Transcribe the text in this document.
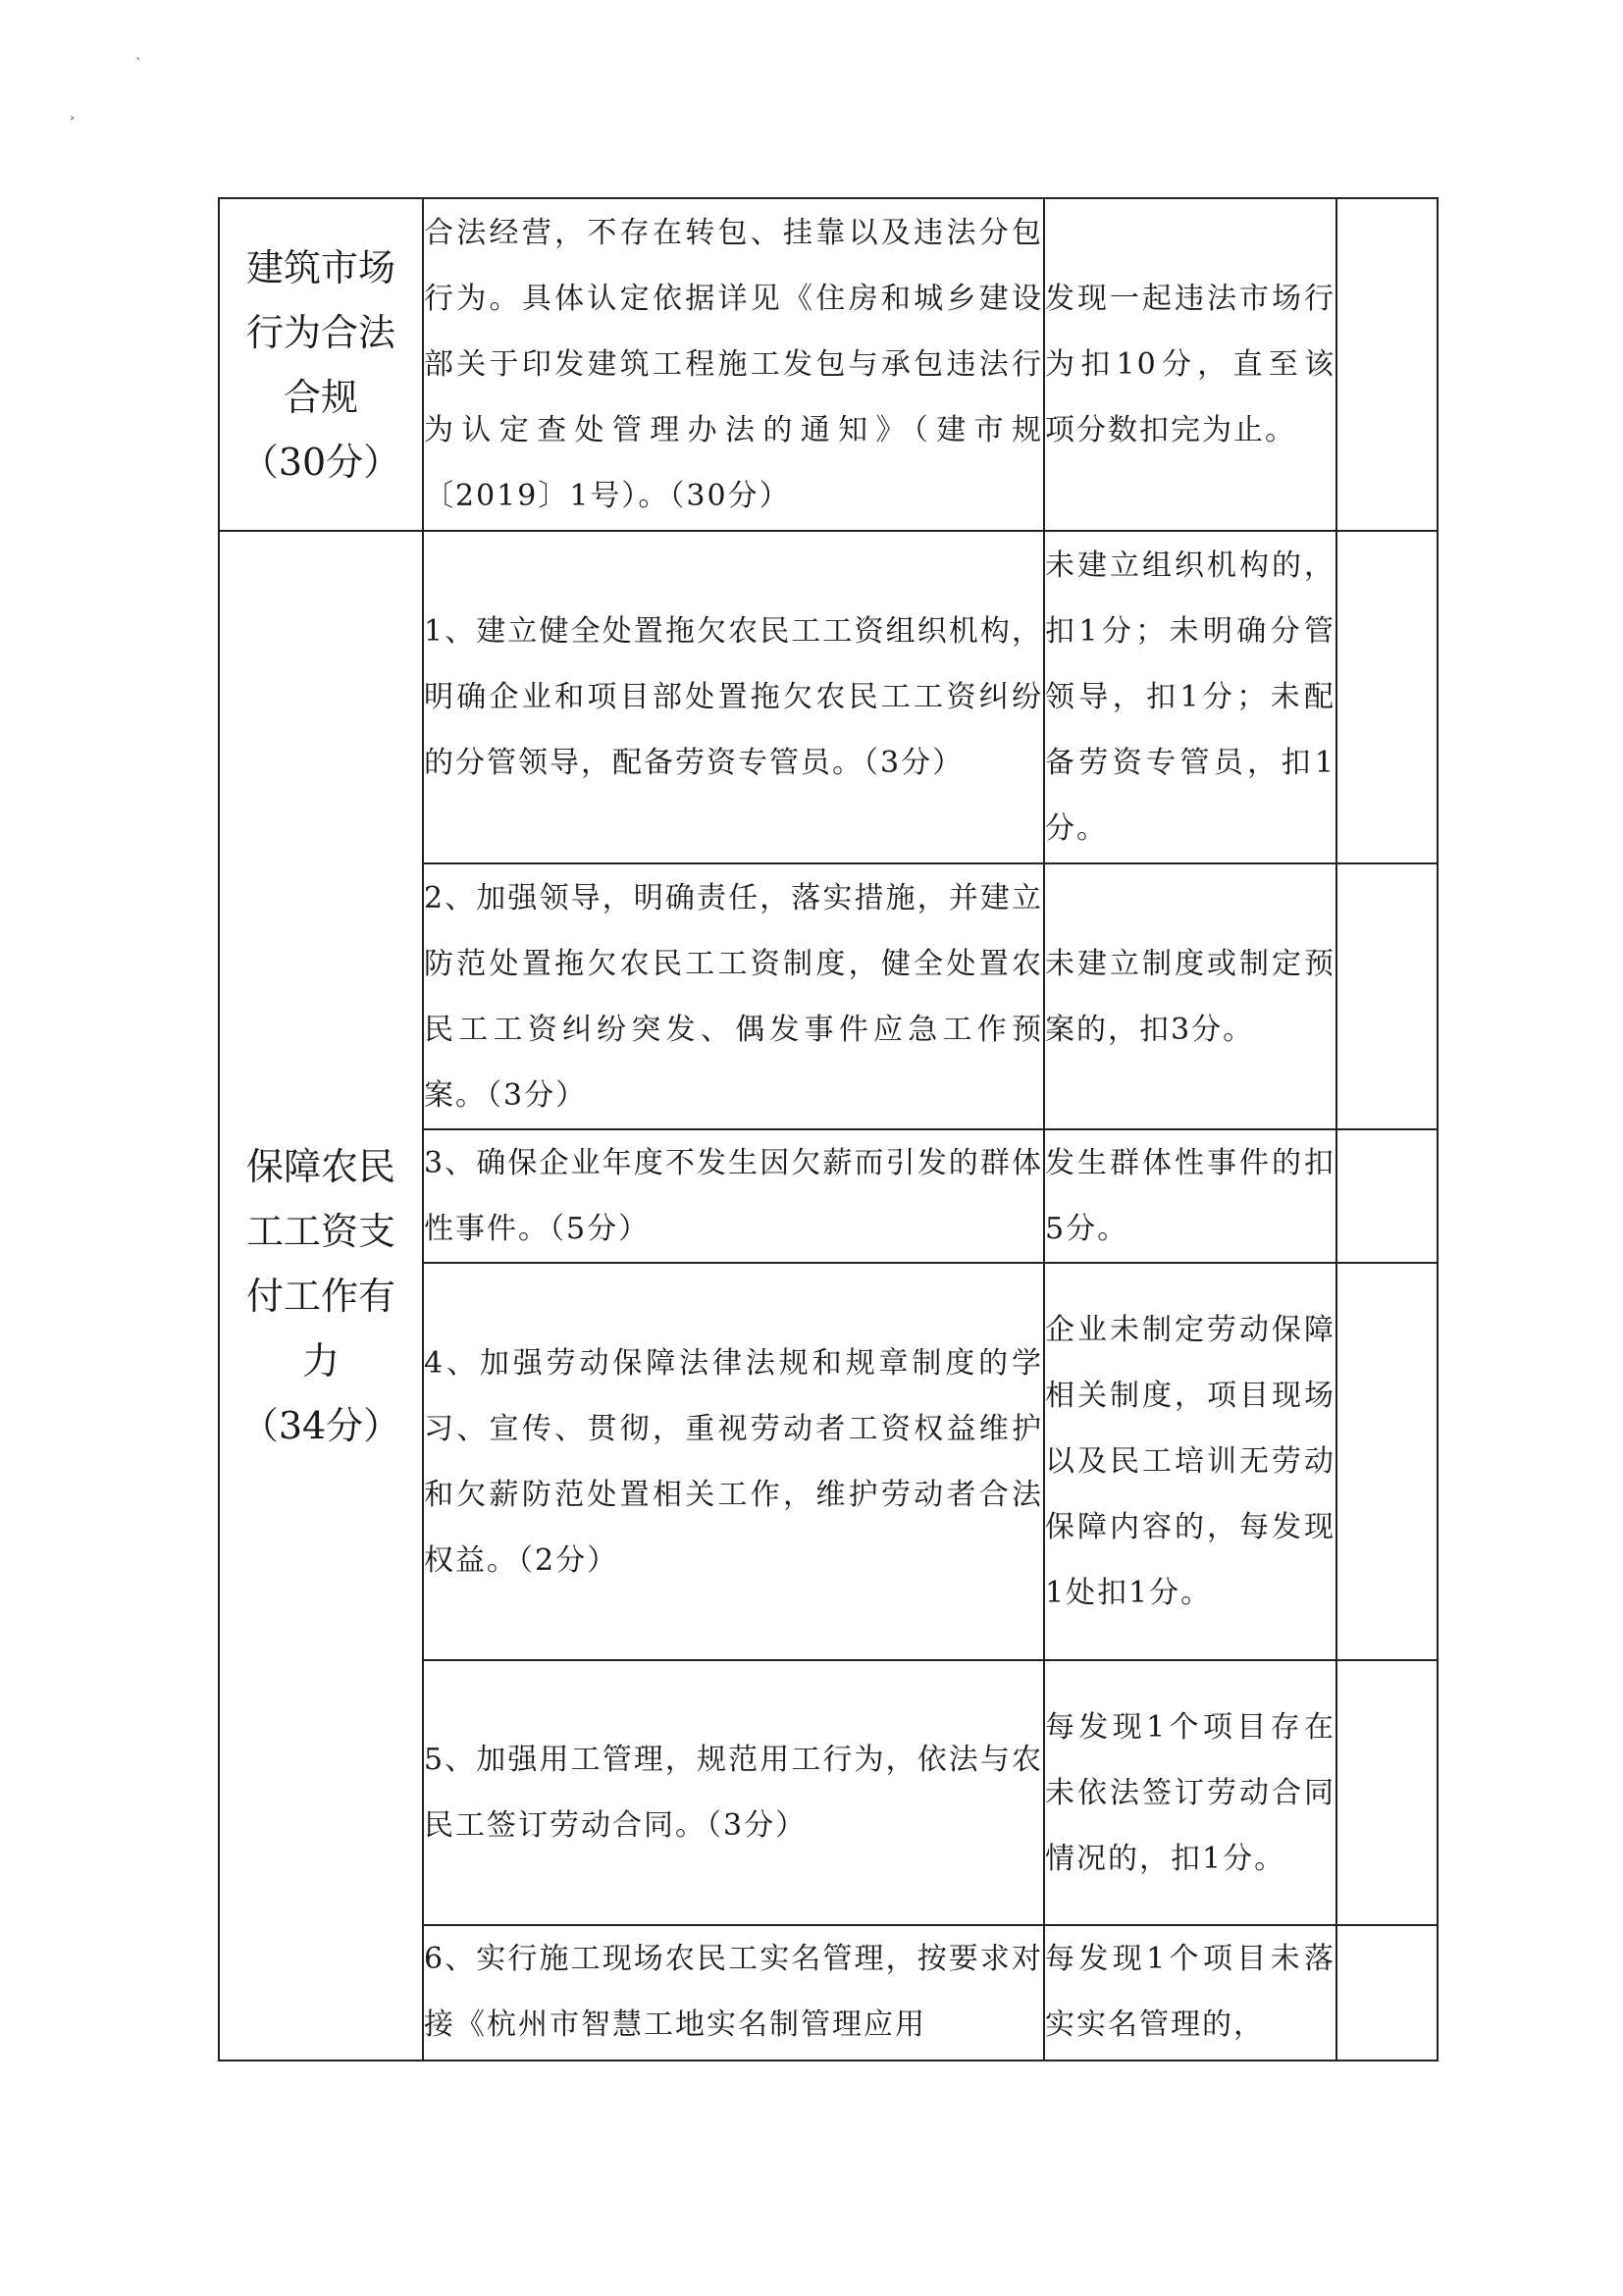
`
˃
建筑市场
行为合法
合规
（30分）	合法经营，不存在转包、挂靠以及违法分包行为。具体认定依据详见《住房和城乡建设部关于印发建筑工程施工发包与承包违法行为认定查处管理办法的通知》（建市规〔2019〕1号）。（30分）	发现一起违法市场行为扣10分，直至该项分数扣完为止。	

保障农民
工工资支
付工作有
力
（34分）	1、建立健全处置拖欠农民工工资组织机构，明确企业和项目部处置拖欠农民工工资纠纷的分管领导，配备劳资专管员。（3分）	未建立组织机构的，扣1分；未明确分管领导，扣1分；未配备劳资专管员，扣1分。	
	2、加强领导，明确责任，落实措施，并建立防范处置拖欠农民工工资制度，健全处置农民工工资纠纷突发、偶发事件应急工作预案。（3分）	未建立制度或制定预案的，扣3分。	
	3、确保企业年度不发生因欠薪而引发的群体性事件。（5分）	发生群体性事件的扣5分。	
	4、加强劳动保障法律法规和规章制度的学习、宣传、贯彻，重视劳动者工资权益维护和欠薪防范处置相关工作，维护劳动者合法权益。（2分）	企业未制定劳动保障相关制度，项目现场以及民工培训无劳动保障内容的，每发现1处扣1分。	
	5、加强用工管理，规范用工行为，依法与农民工签订劳动合同。（3分）	每发现1个项目存在未依法签订劳动合同情况的，扣1分。	
	6、实行施工现场农民工实名管理，按要求对接《杭州市智慧工地实名制管理应用	每发现1个项目未落实实名管理的，	
